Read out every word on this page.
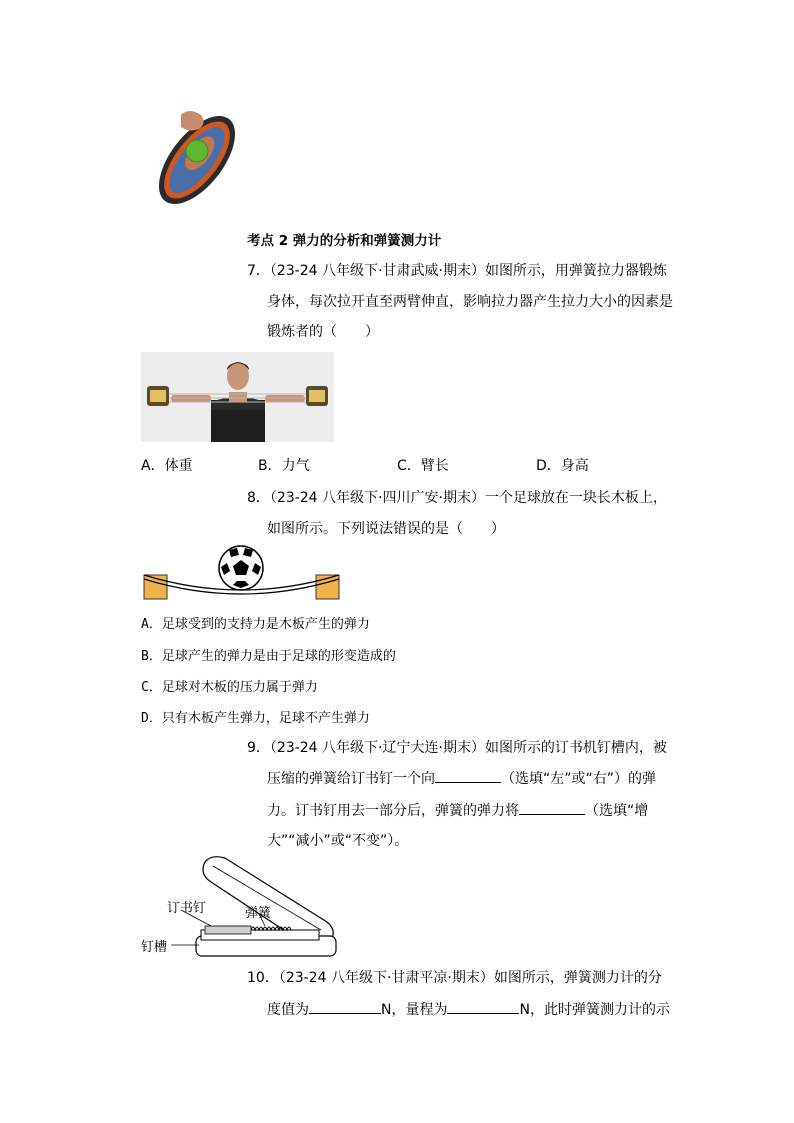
考点 2 弹力的分析和弹簧测力计
7．（23-24 八年级下·甘肃武威·期末）如图所示，用弹簧拉力器锻炼
身体，每次拉开直至两臂伸直，影响拉力器产生拉力大小的因素是
锻炼者的（　　）
A．体重	B．力气	C．臂长	D．身高
8．（23-24 八年级下·四川广安·期末）一个足球放在一块长木板上，
如图所示。下列说法错误的是（　　）
A．足球受到的支持力是木板产生的弹力
B．足球产生的弹力是由于足球的形变造成的
C．足球对木板的压力属于弹力
D．只有木板产生弹力，足球不产生弹力
9．（23-24 八年级下·辽宁大连·期末）如图所示的订书机钉槽内，被
压缩的弹簧给订书钉一个向	（选填“左”或“右”）的弹
力。订书钉用去一部分后，弹簧的弹力将	（选填“增
大”“减小”或“不变”）。
订书钉	弹簧
钉槽
10．（23-24 八年级下·甘肃平凉·期末）如图所示，弹簧测力计的分
度值为	N，量程为	N，此时弹簧测力计的示
